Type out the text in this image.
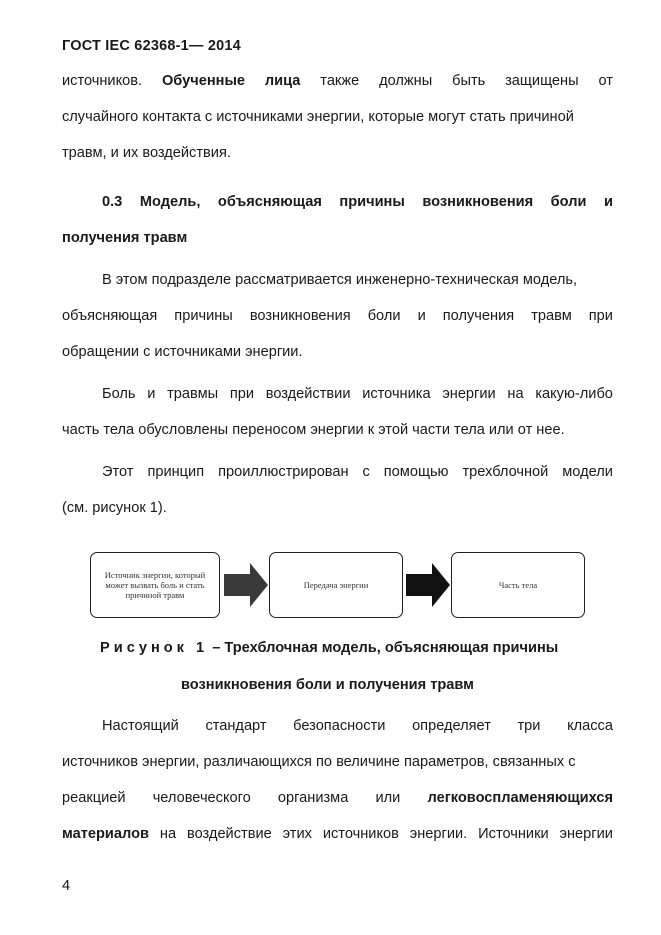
ГОСТ IEC 62368-1— 2014
источников. Обученные лица также должны быть защищены от
случайного контакта с источниками энергии, которые могут стать причиной
травм, и их воздействия.
0.3 Модель, объясняющая причины возникновения боли и
получения травм
В этом подразделе рассматривается инженерно-техническая модель,
объясняющая причины возникновения боли и получения травм при
обращении с источниками энергии.
Боль и травмы при воздействии источника энергии на какую-либо
часть тела обусловлены переносом энергии к этой части тела или от нее.
Этот принцип проиллюстрирован с помощью трехблочной модели
(см. рисунок 1).
Источник энергии, который может вызвать боль и стать причиной травм
Передача энергии	Часть тела
Рисунок 1 – Трехблочная модель, объясняющая причины
возникновения боли и получения травм
Настоящий стандарт безопасности определяет три класса
источников энергии, различающихся по величине параметров, связанных с
реакцией человеческого организма или легковоспламеняющихся
материалов на воздействие этих источников энергии. Источники энергии
4
